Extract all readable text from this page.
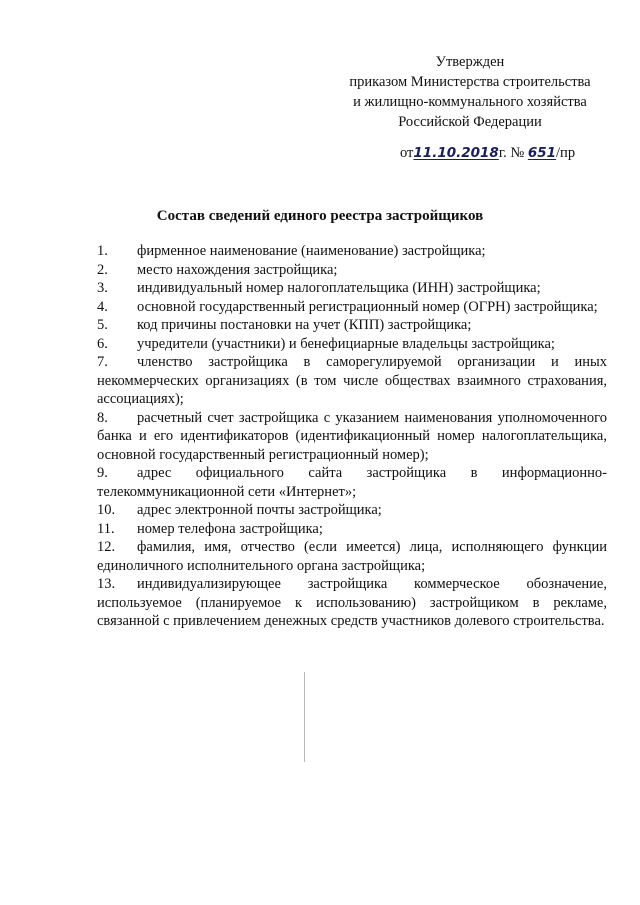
Утвержден
приказом Министерства строительства
и жилищно-коммунального хозяйства
Российской Федерации
от11.10.2018г. № 651/пр
Состав сведений единого реестра застройщиков
1. фирменное наименование (наименование) застройщика;
2. место нахождения застройщика;
3. индивидуальный номер налогоплательщика (ИНН) застройщика;
4. основной государственный регистрационный номер (ОГРН) застройщика;
5. код причины постановки на учет (КПП) застройщика;
6. учредители (участники) и бенефициарные владельцы застройщика;
7. членство застройщика в саморегулируемой организации и иных некоммерческих организациях (в том числе обществах взаимного страхования, ассоциациях);
8. расчетный счет застройщика с указанием наименования уполномоченного банка и его идентификаторов (идентификационный номер налогоплательщика, основной государственный регистрационный номер);
9. адрес официального сайта застройщика в информационно-телекоммуникационной сети «Интернет»;
10. адрес электронной почты застройщика;
11. номер телефона застройщика;
12. фамилия, имя, отчество (если имеется) лица, исполняющего функции единоличного исполнительного органа застройщика;
13. индивидуализирующее застройщика коммерческое обозначение, используемое (планируемое к использованию) застройщиком в рекламе, связанной с привлечением денежных средств участников долевого строительства.
